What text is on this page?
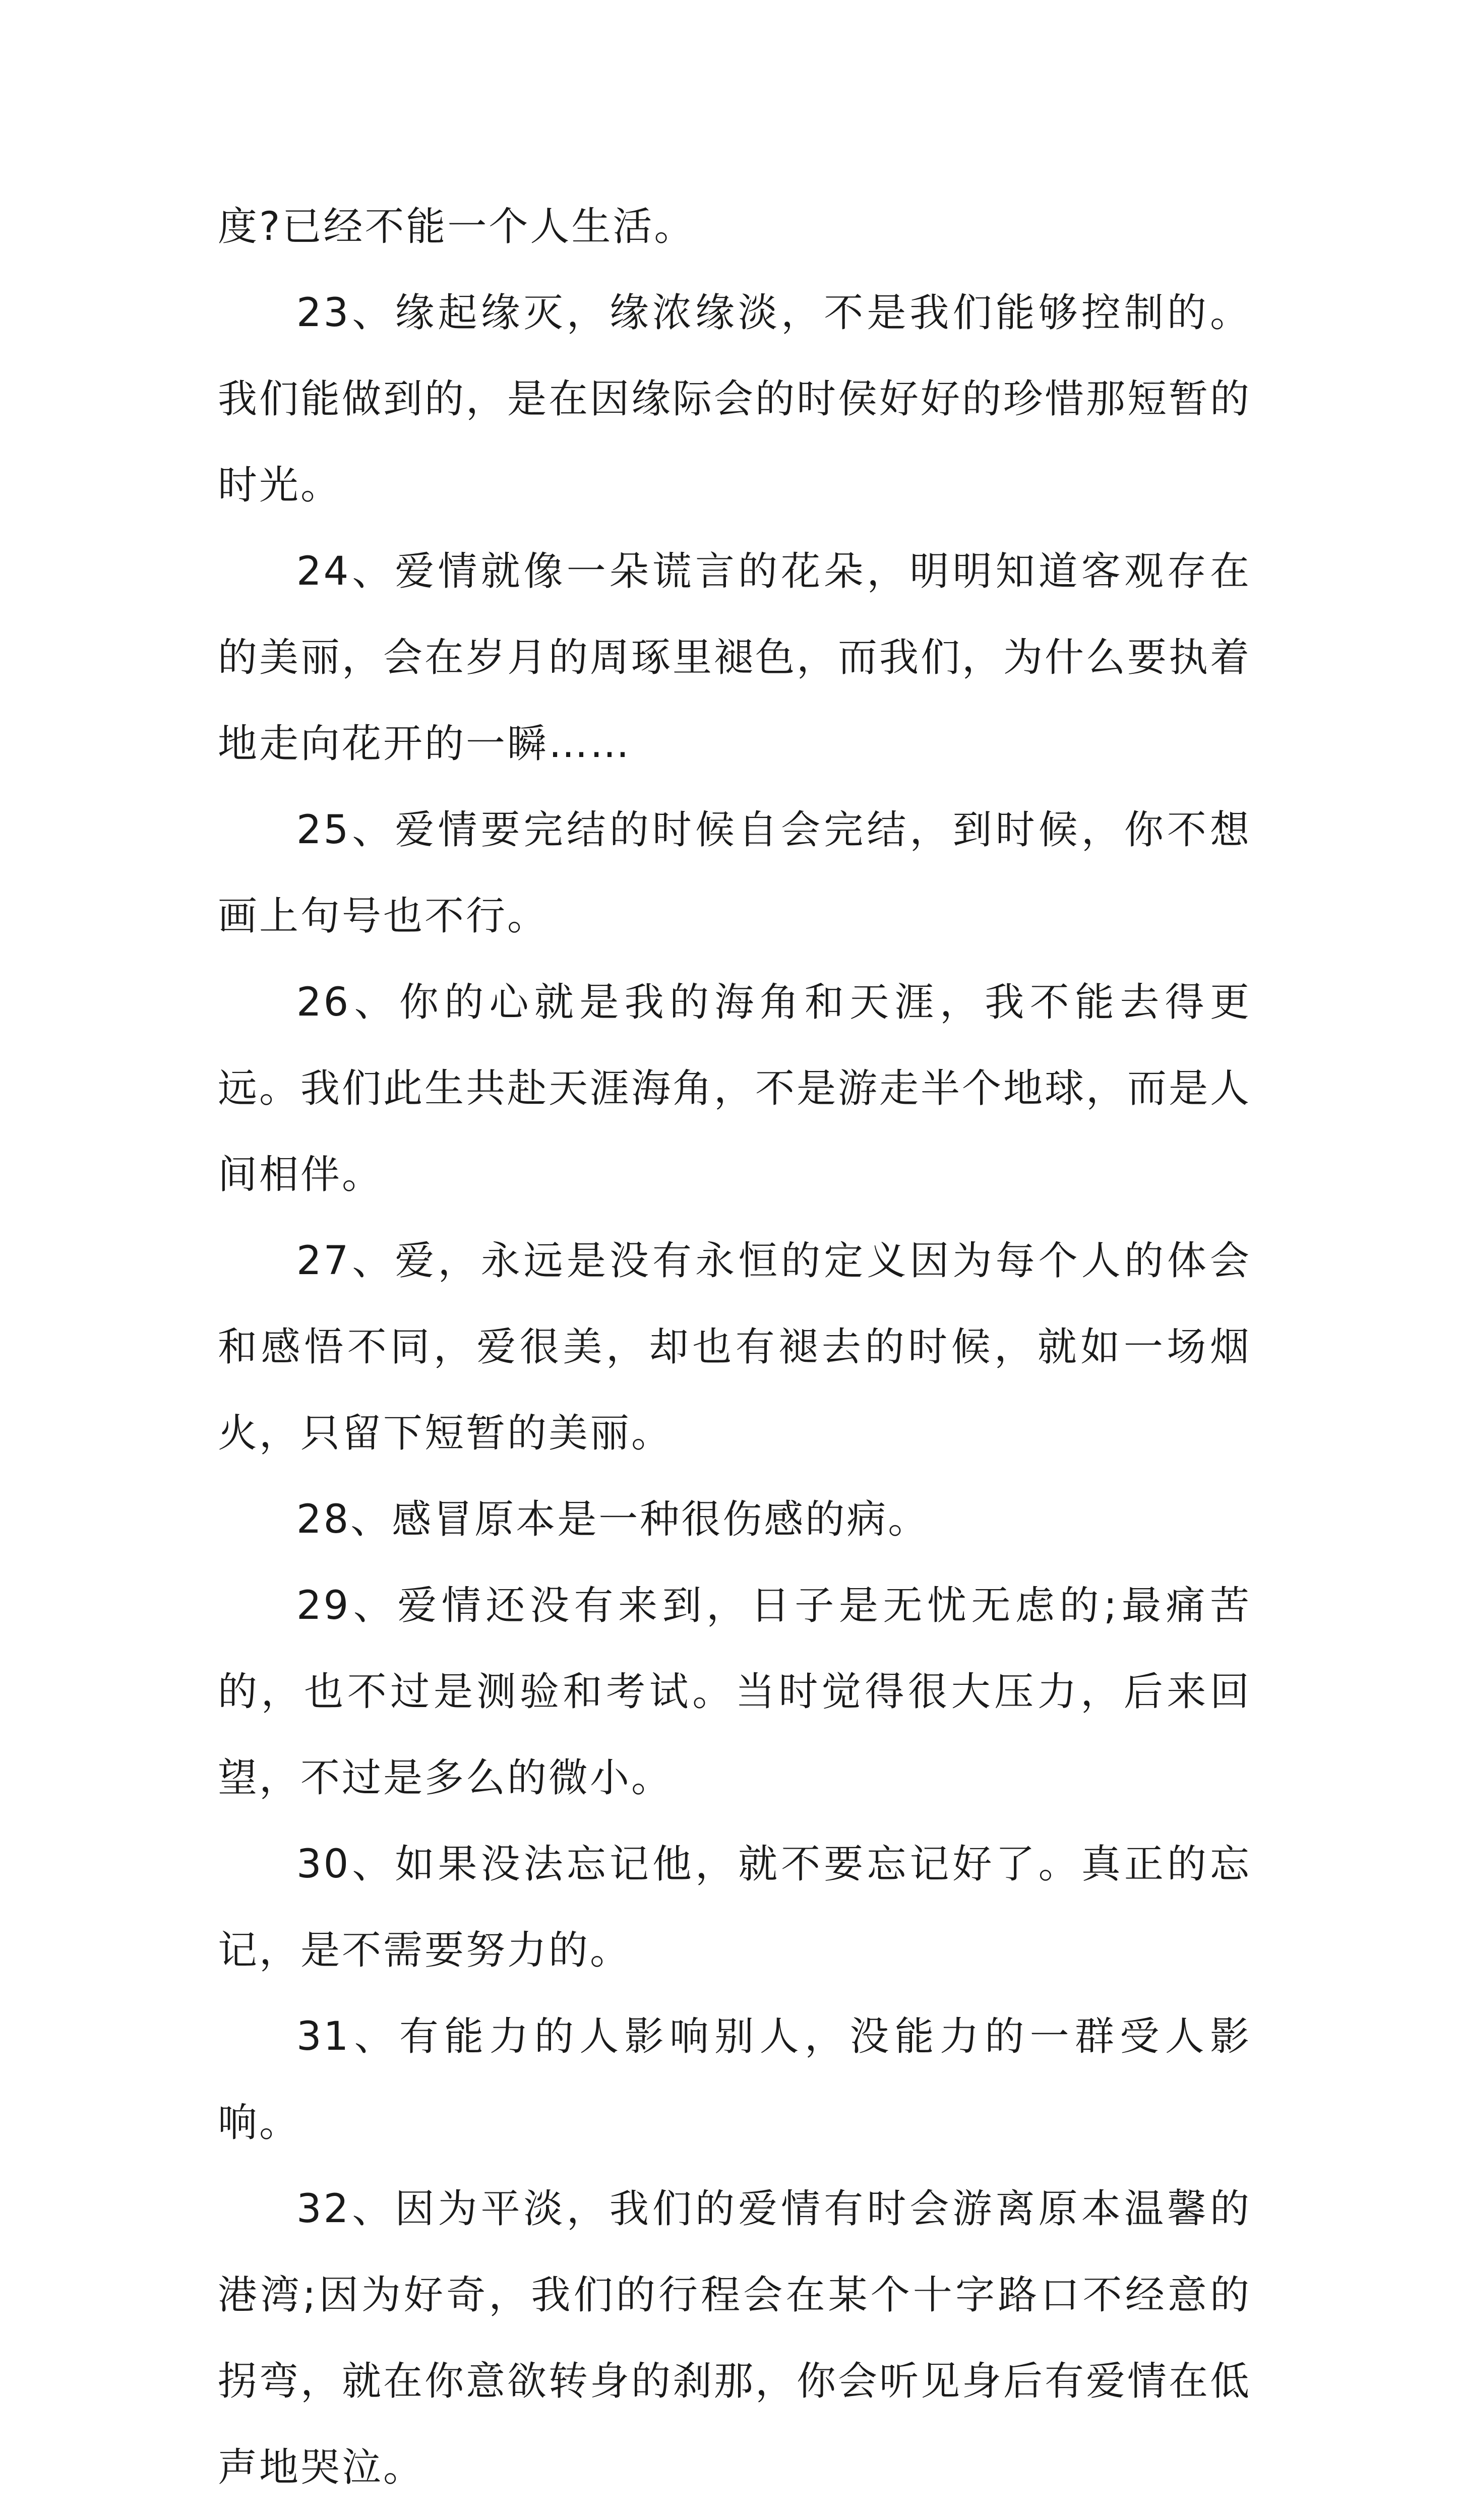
度?已经不能一个人生活。

23、缘起缘灭，缘浓缘淡，不是我们能够控制的。我们能做到的，是在因缘际会的时侯好好的珍惜那短暂的时光。

24、爱情就像一朵谎言的花朵，明明知道客观存在的美丽，会在岁月的周琢里褪色，而我们，为什么要执着地走向花开的一瞬……

25、爱情要完结的时候自会完结，到时候，你不想画上句号也不行。

26、你的心就是我的海角和天涯，我不能去得更远。我们此生共赴天涯海角，不是游走半个地球，而是人间相伴。

27、爱，永远是没有永恒的定义因为每个人的体会和感悟不同，爱很美，却也有褪去的时候，就如一场烟火，只留下短暂的美丽。

28、感冒原本是一种很伤感的病。

29、爱情还没有来到，日子是无忧无虑的;最痛苦的，也不过是测验和考试。当时觉得很大压力，后来回望，不过是多么的微小。

30、如果没法忘记他，就不要忘记好了。真正的忘记，是不需要努力的。

31、有能力的人影响别人，没能力的一群受人影响。

32、因为平淡，我们的爱情有时会游离原本温馨的港湾;因为好奇，我们的行程会在某个十字路口不经意的拐弯，就在你意欲转身的刹那，你会听见身后有爱情在低声地哭泣。
